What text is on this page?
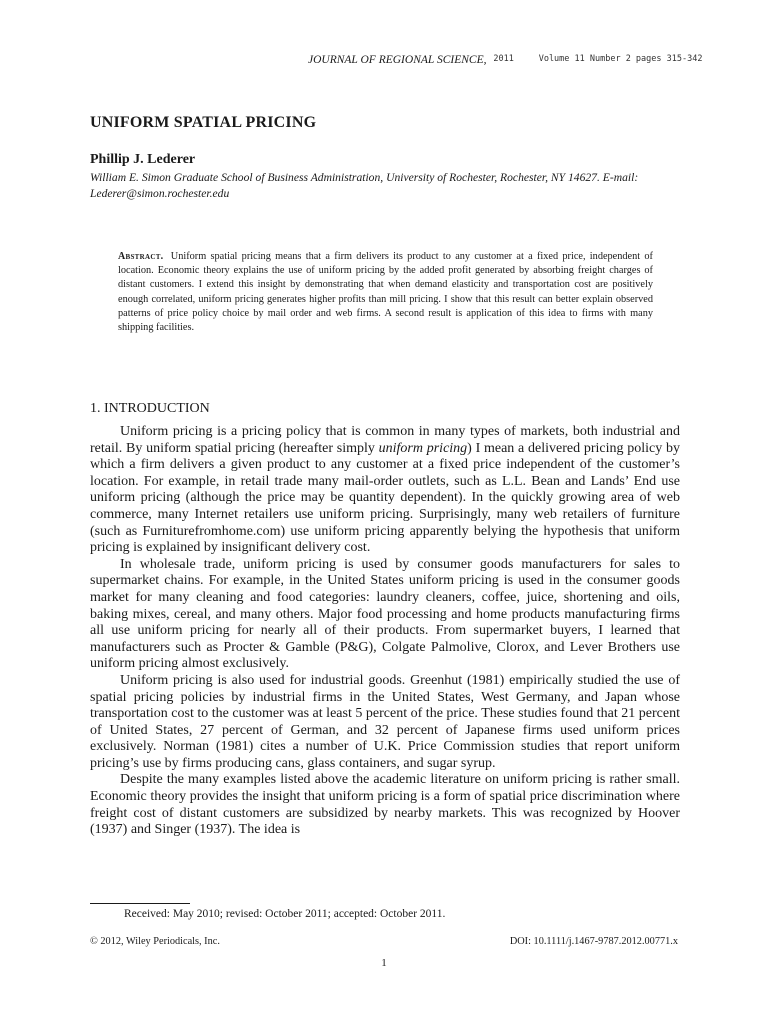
JOURNAL OF REGIONAL SCIENCE, 2011	Volume 11 Number 2 pages 315-342
UNIFORM SPATIAL PRICING
Phillip J. Lederer
William E. Simon Graduate School of Business Administration, University of Rochester, Rochester, NY 14627. E-mail: Lederer@simon.rochester.edu

Abstract. Uniform spatial pricing means that a firm delivers its product to any customer at a fixed price, independent of location. Economic theory explains the use of uniform pricing by the added profit generated by absorbing freight charges of distant customers. I extend this insight by demonstrating that when demand elasticity and transportation cost are positively enough correlated, uniform pricing generates higher profits than mill pricing. I show that this result can better explain observed patterns of price policy choice by mail order and web firms. A second result is application of this idea to firms with many shipping facilities.

1. INTRODUCTION

Uniform pricing is a pricing policy that is common in many types of markets, both industrial and retail. By uniform spatial pricing (hereafter simply uniform pricing) I mean a delivered pricing policy by which a firm delivers a given product to any customer at a fixed price independent of the customer’s location. For example, in retail trade many mail-order outlets, such as L.L. Bean and Lands’ End use uniform pricing (although the price may be quantity dependent). In the quickly growing area of web commerce, many Internet retailers use uniform pricing. Surprisingly, many web retailers of furniture (such as Furniturefromhome.com) use uniform pricing apparently belying the hypothesis that uniform pricing is explained by insignificant delivery cost.

In wholesale trade, uniform pricing is used by consumer goods manufacturers for sales to supermarket chains. For example, in the United States uniform pricing is used in the consumer goods market for many cleaning and food categories: laundry cleaners, coffee, juice, shortening and oils, baking mixes, cereal, and many others. Major food processing and home products manufacturing firms all use uniform pricing for nearly all of their products. From supermarket buyers, I learned that manufacturers such as Procter & Gamble (P&G), Colgate Palmolive, Clorox, and Lever Brothers use uniform pricing almost exclusively.

Uniform pricing is also used for industrial goods. Greenhut (1981) empirically studied the use of spatial pricing policies by industrial firms in the United States, West Germany, and Japan whose transportation cost to the customer was at least 5 percent of the price. These studies found that 21 percent of United States, 27 percent of German, and 32 percent of Japanese firms used uniform prices exclusively. Norman (1981) cites a number of U.K. Price Commission studies that report uniform pricing’s use by firms producing cans, glass containers, and sugar syrup.

Despite the many examples listed above the academic literature on uniform pricing is rather small. Economic theory provides the insight that uniform pricing is a form of spatial price discrimination where freight cost of distant customers are subsidized by nearby markets. This was recognized by Hoover (1937) and Singer (1937). The idea is

Received: May 2010; revised: October 2011; accepted: October 2011.
© 2012, Wiley Periodicals, Inc.	DOI: 10.1111/j.1467-9787.2012.00771.x
1
